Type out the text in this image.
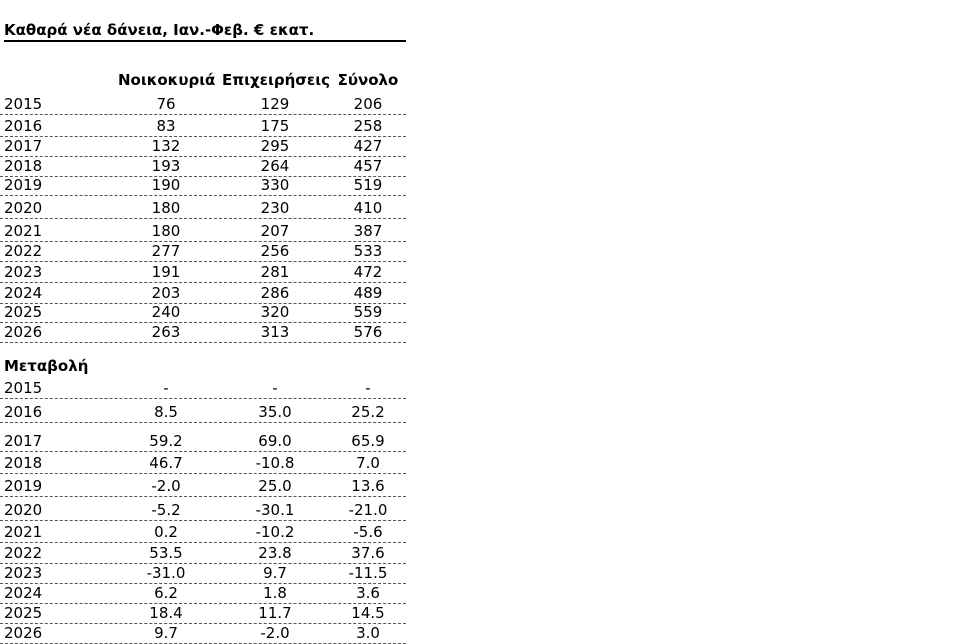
Καθαρά νέα δάνεια, Ιαν.-Φεβ. € εκατ.
Νοικοκυριά Επιχειρήσεις Σύνολο
2015	76	129	206
2016	83	175	258
2017	132	295	427
2018	193	264	457
2019	190	330	519
2020	180	230	410
2021	180	207	387
2022	277	256	533
2023	191	281	472
2024	203	286	489
2025	240	320	559
2026	263	313	576
Μεταβολή
2015	-	-	-
2016	8.5	35.0	25.2
2017	59.2	69.0	65.9
2018	46.7	-10.8	7.0
2019	-2.0	25.0	13.6
2020	-5.2	-30.1	-21.0
2021	0.2	-10.2	-5.6
2022	53.5	23.8	37.6
2023	-31.0	9.7	-11.5
2024	6.2	1.8	3.6
2025	18.4	11.7	14.5
2026	9.7	-2.0	3.0
